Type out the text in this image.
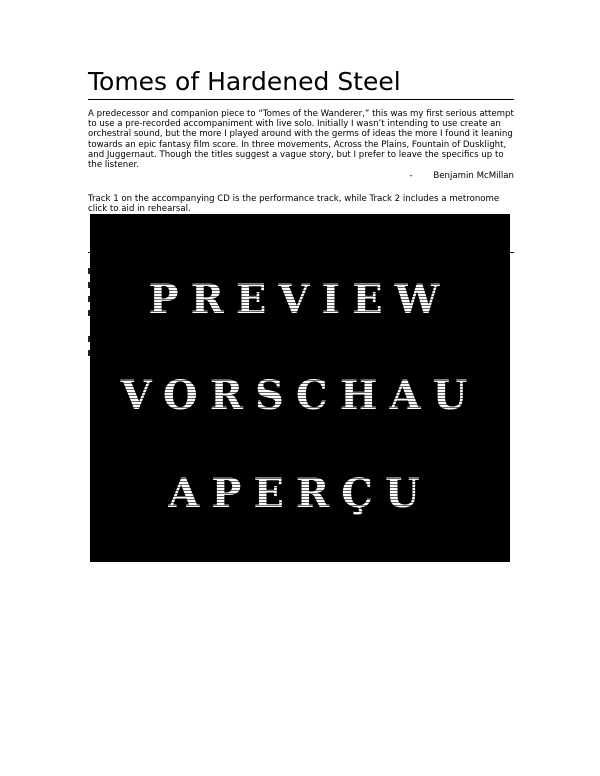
Tomes of Hardened Steel

A predecessor and companion piece to “Tomes of the Wanderer,” this was my first serious attempt to use a pre-recorded accompaniment with live solo. Initially I wasn’t intending to use create an orchestral sound, but the more I played around with the germs of ideas the more I found it leaning towards an epic fantasy film score. In three movements, Across the Plains, Fountain of Dusklight, and Juggernaut. Though the titles suggest a vague story, but I prefer to leave the specifics up to the listener.

- Benjamin McMillan

Track 1 on the accompanying CD is the performance track, while Track 2 includes a metronome click to aid in rehearsal.

PREVIEW
VORSCHAU
APERÇU
